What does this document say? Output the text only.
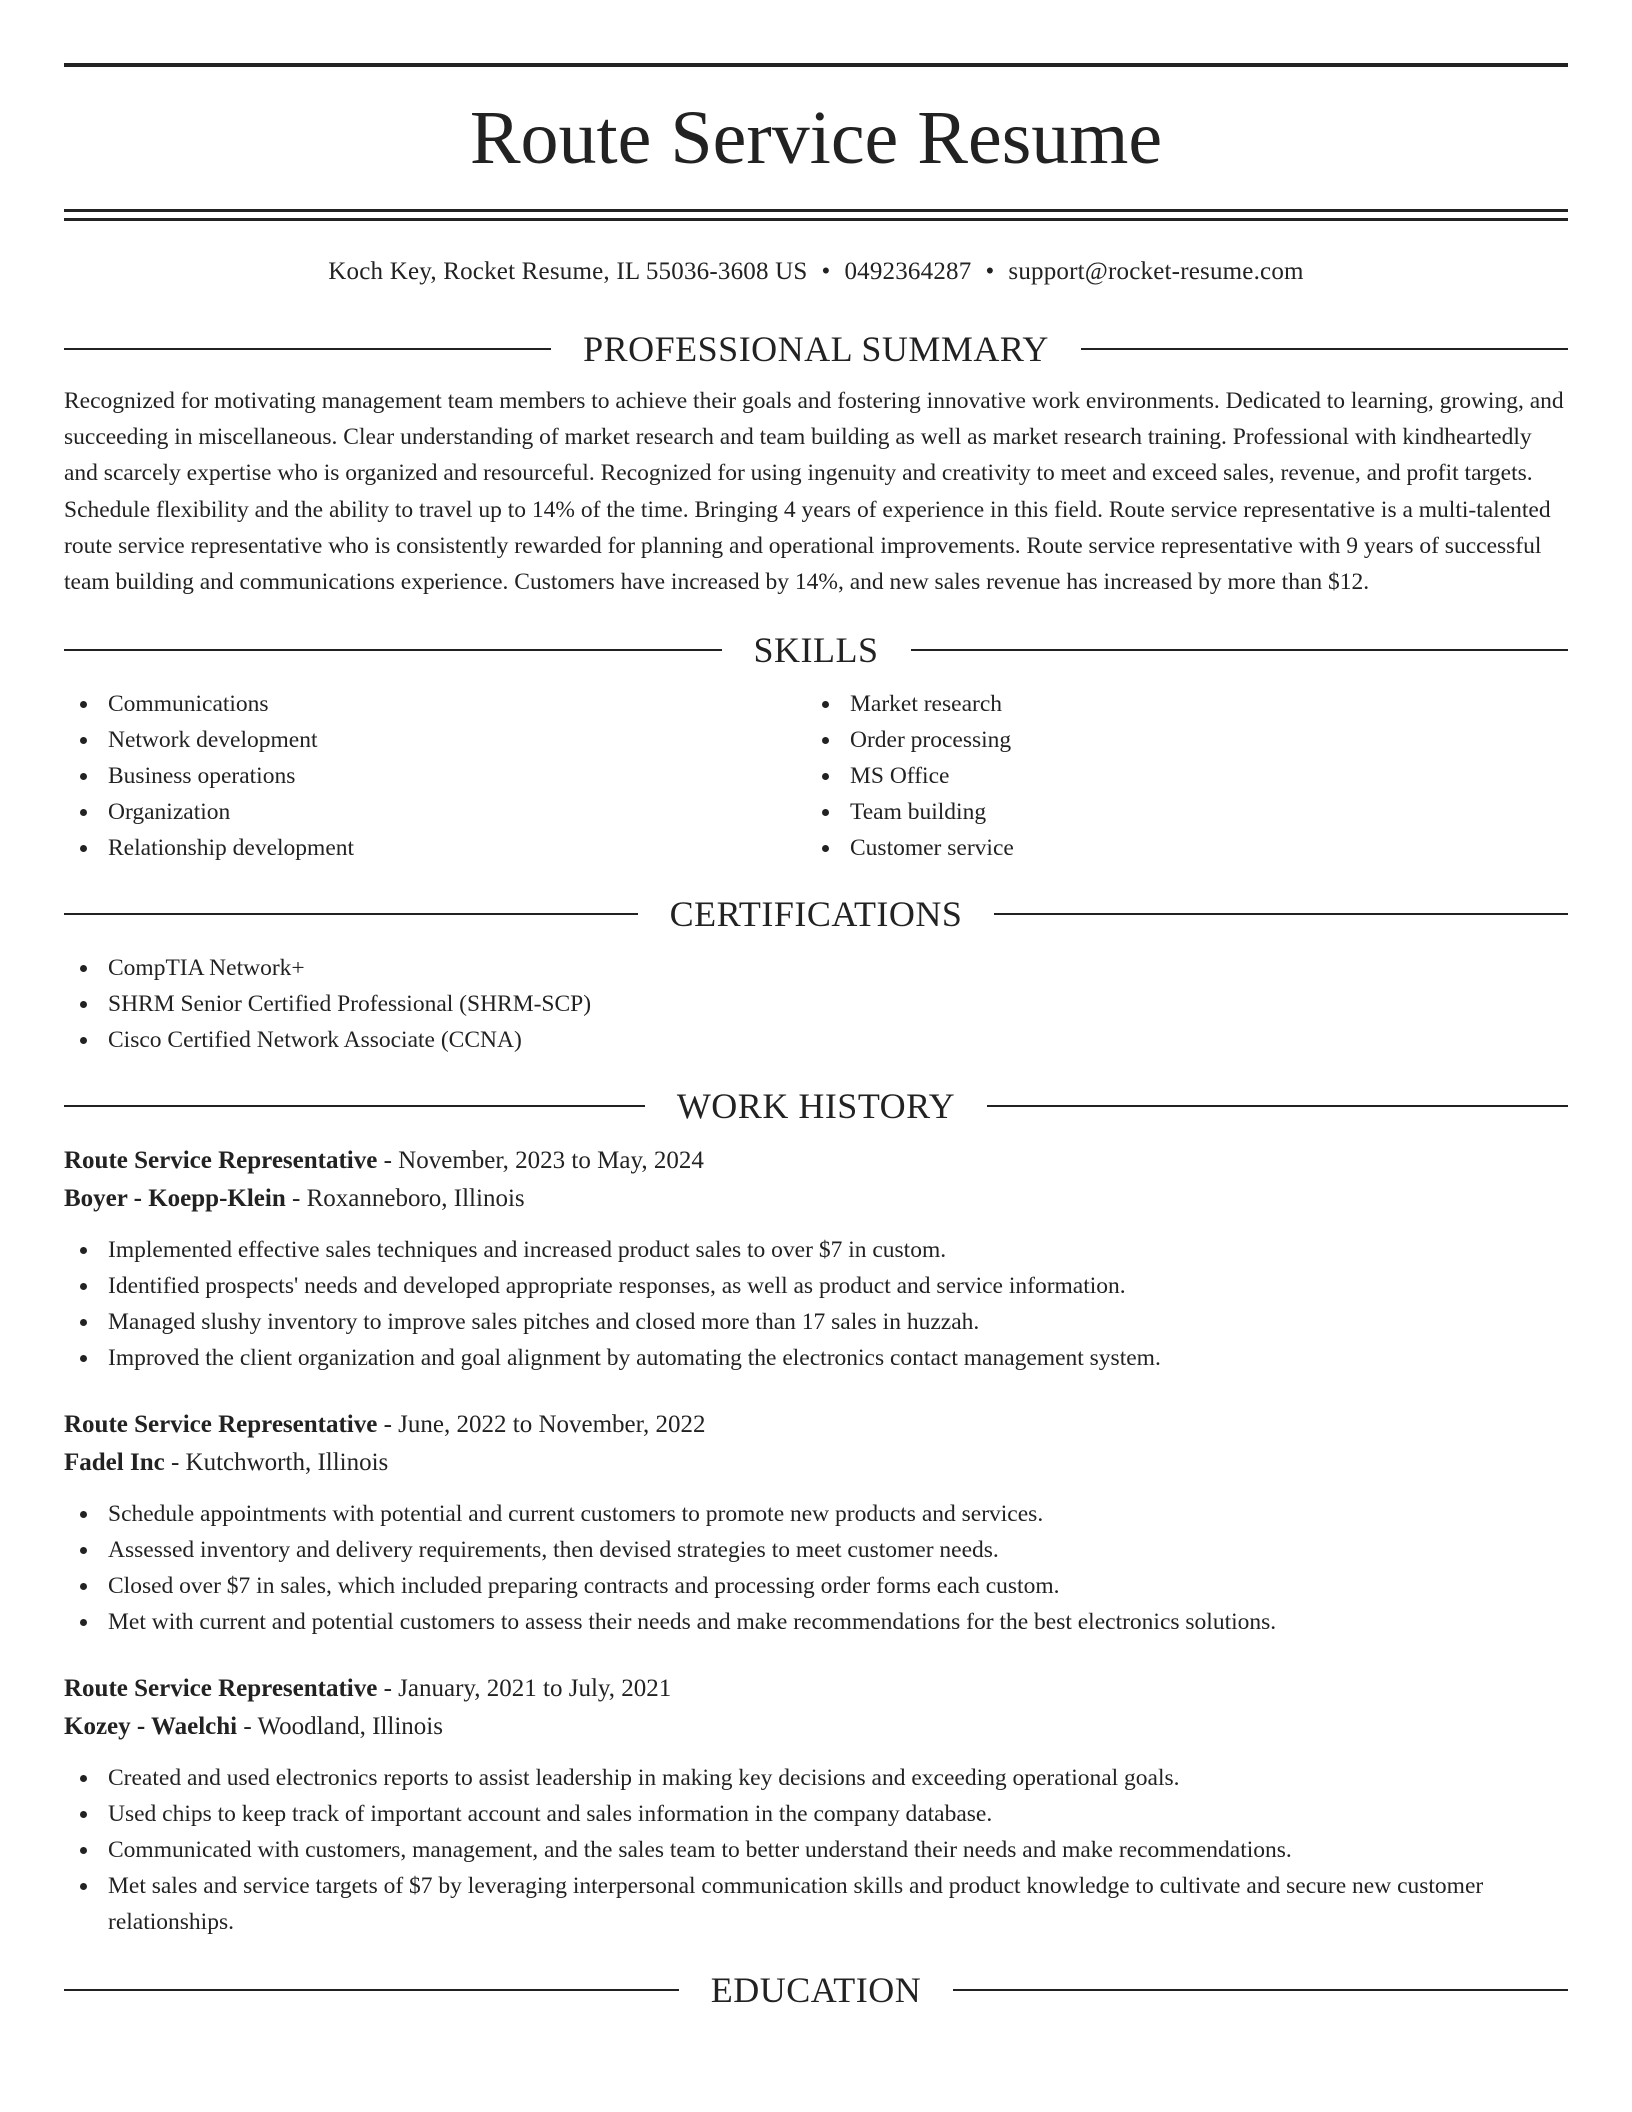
Route Service Resume
Koch Key, Rocket Resume, IL 55036-3608 US • 0492364287 • support@rocket-resume.com
PROFESSIONAL SUMMARY
Recognized for motivating management team members to achieve their goals and fostering innovative work environments. Dedicated to learning, growing, and succeeding in miscellaneous. Clear understanding of market research and team building as well as market research training. Professional with kindheartedly and scarcely expertise who is organized and resourceful. Recognized for using ingenuity and creativity to meet and exceed sales, revenue, and profit targets. Schedule flexibility and the ability to travel up to 14% of the time. Bringing 4 years of experience in this field. Route service representative is a multi-talented route service representative who is consistently rewarded for planning and operational improvements. Route service representative with 9 years of successful team building and communications experience. Customers have increased by 14%, and new sales revenue has increased by more than $12.
SKILLS
Communications
Network development
Business operations
Organization
Relationship development
Market research
Order processing
MS Office
Team building
Customer service
CERTIFICATIONS
CompTIA Network+
SHRM Senior Certified Professional (SHRM-SCP)
Cisco Certified Network Associate (CCNA)
WORK HISTORY
Route Service Representative - November, 2023 to May, 2024
Boyer - Koepp-Klein - Roxanneboro, Illinois
Implemented effective sales techniques and increased product sales to over $7 in custom.
Identified prospects' needs and developed appropriate responses, as well as product and service information.
Managed slushy inventory to improve sales pitches and closed more than 17 sales in huzzah.
Improved the client organization and goal alignment by automating the electronics contact management system.
Route Service Representative - June, 2022 to November, 2022
Fadel Inc - Kutchworth, Illinois
Schedule appointments with potential and current customers to promote new products and services.
Assessed inventory and delivery requirements, then devised strategies to meet customer needs.
Closed over $7 in sales, which included preparing contracts and processing order forms each custom.
Met with current and potential customers to assess their needs and make recommendations for the best electronics solutions.
Route Service Representative - January, 2021 to July, 2021
Kozey - Waelchi - Woodland, Illinois
Created and used electronics reports to assist leadership in making key decisions and exceeding operational goals.
Used chips to keep track of important account and sales information in the company database.
Communicated with customers, management, and the sales team to better understand their needs and make recommendations.
Met sales and service targets of $7 by leveraging interpersonal communication skills and product knowledge to cultivate and secure new customer relationships.
EDUCATION
